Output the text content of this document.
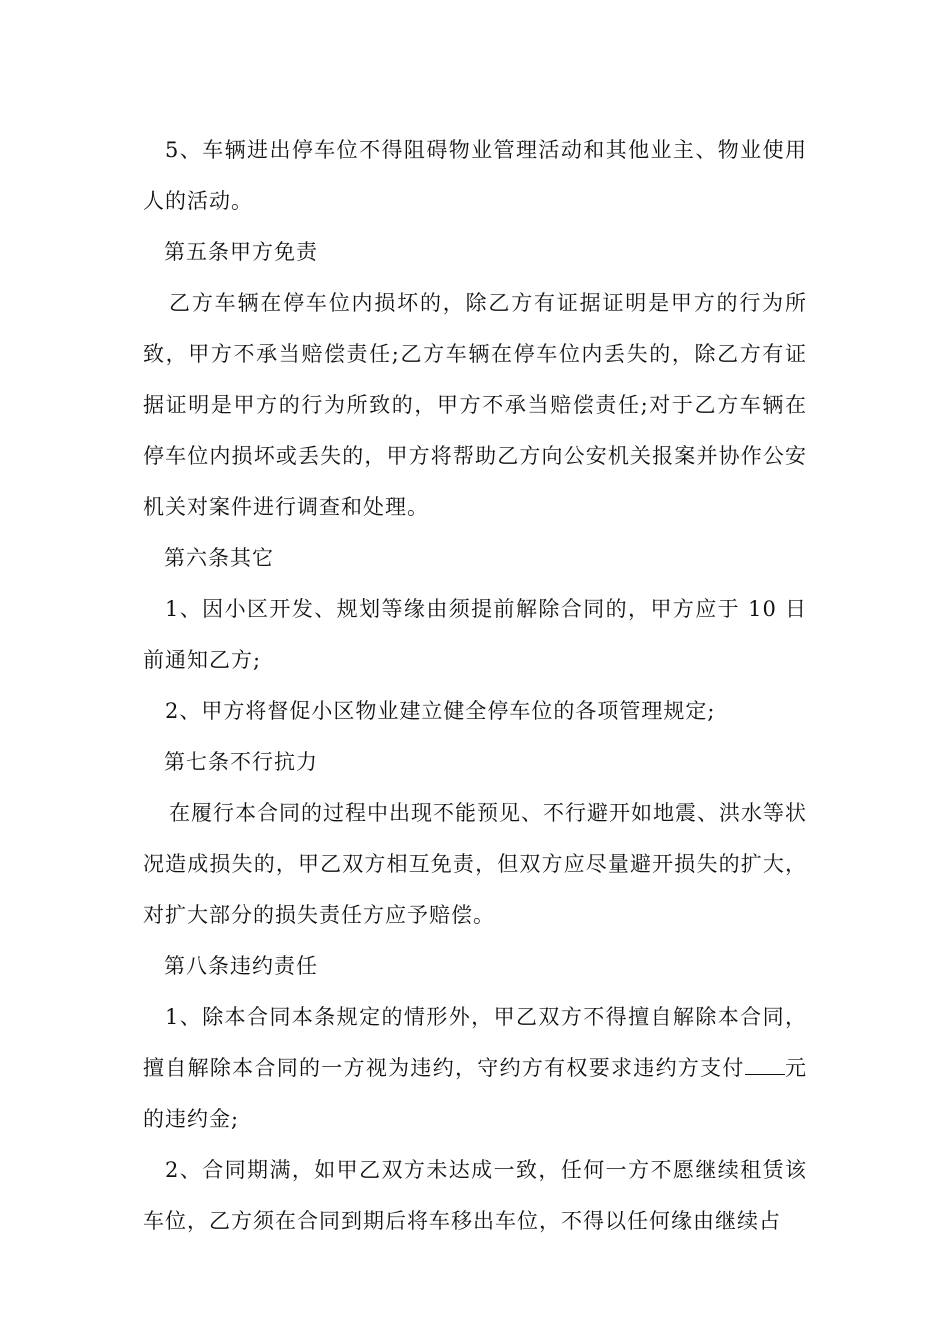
5、车辆进出停车位不得阻碍物业管理活动和其他业主、物业使用人的活动。

第五条甲方免责

乙方车辆在停车位内损坏的，除乙方有证据证明是甲方的行为所致，甲方不承当赔偿责任;乙方车辆在停车位内丢失的，除乙方有证据证明是甲方的行为所致的，甲方不承当赔偿责任;对于乙方车辆在停车位内损坏或丢失的，甲方将帮助乙方向公安机关报案并协作公安机关对案件进行调查和处理。

第六条其它

1、因小区开发、规划等缘由须提前解除合同的，甲方应于 10 日前通知乙方;

2、甲方将督促小区物业建立健全停车位的各项管理规定;

第七条不行抗力

在履行本合同的过程中出现不能预见、不行避开如地震、洪水等状况造成损失的，甲乙双方相互免责，但双方应尽量避开损失的扩大，对扩大部分的损失责任方应予赔偿。

第八条违约责任

1、除本合同本条规定的情形外，甲乙双方不得擅自解除本合同，擅自解除本合同的一方视为违约，守约方有权要求违约方支付 元的违约金;

2、合同期满，如甲乙双方未达成一致，任何一方不愿继续租赁该车位，乙方须在合同到期后将车移出车位，不得以任何缘由继续占
